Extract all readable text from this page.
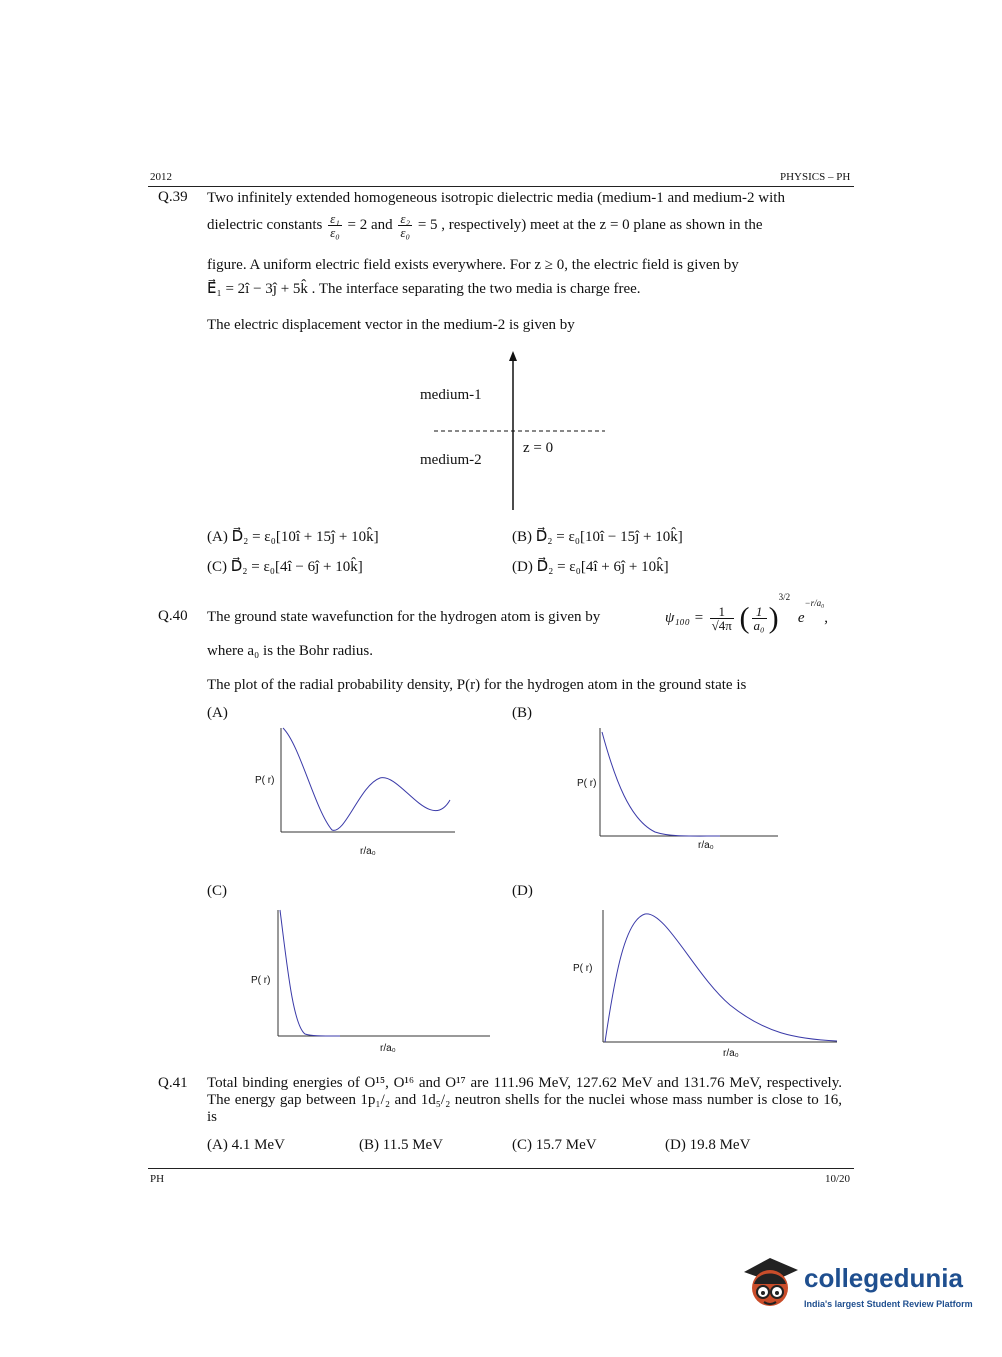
2012	PHYSICS – PH
Q.39 Two infinitely extended homogeneous isotropic dielectric media (medium-1 and medium-2 with
dielectric constants $\frac{\text{ε₁}}{\text{ε₀}} = 2$ and $\frac{\text{ε₂}}{\text{ε₀}} = 5$ , respectively) meet at the z = 0 plane as shown in the
figure. A uniform electric field exists everywhere. For z ≥ 0, the electric field is given by
E⃗₁ = 2î − 3ĵ + 5k̂ . The interface separating the two media is charge free.
The electric displacement vector in the medium-2 is given by
medium-1
medium-2
z = 0
(A) D⃗₂ = ε₀[10î + 15ĵ + 10k̂]	(B) D⃗₂ = ε₀[10î − 15ĵ + 10k̂]
(C) D⃗₂ = ε₀[4î − 6ĵ + 10k̂]	(D) D⃗₂ = ε₀[4î + 6ĵ + 10k̂]
Q.40 The ground state wavefunction for the hydrogen atom is given by	$\psi_{100} = \frac{1}{√4\pi}$ ( $\frac{1}{\text{a₀}} )^{3/2}$ $e^{-r/a_0}$,
where a₀ is the Bohr radius.
The plot of the radial probability density, P(r) for the hydrogen atom in the ground state is
(A)	(B)
(C)	(D)
P( r)
r/a₀
P( r)
r/a₀
P( r)
r/a₀
P( r)
r/a₀
Q.41 Total binding energies of O¹⁵, O¹⁶ and O¹⁷ are 111.96 MeV, 127.62 MeV and 131.76 MeV, respectively. The energy gap between 1p₁/₂ and 1d₅/₂ neutron shells for the nuclei whose mass number is close to 16, is
(A) 4.1 MeV	(B) 11.5 MeV	(C) 15.7 MeV	(D) 19.8 MeV
PH	10/20
collegedunia
India's largest Student Review Platform
